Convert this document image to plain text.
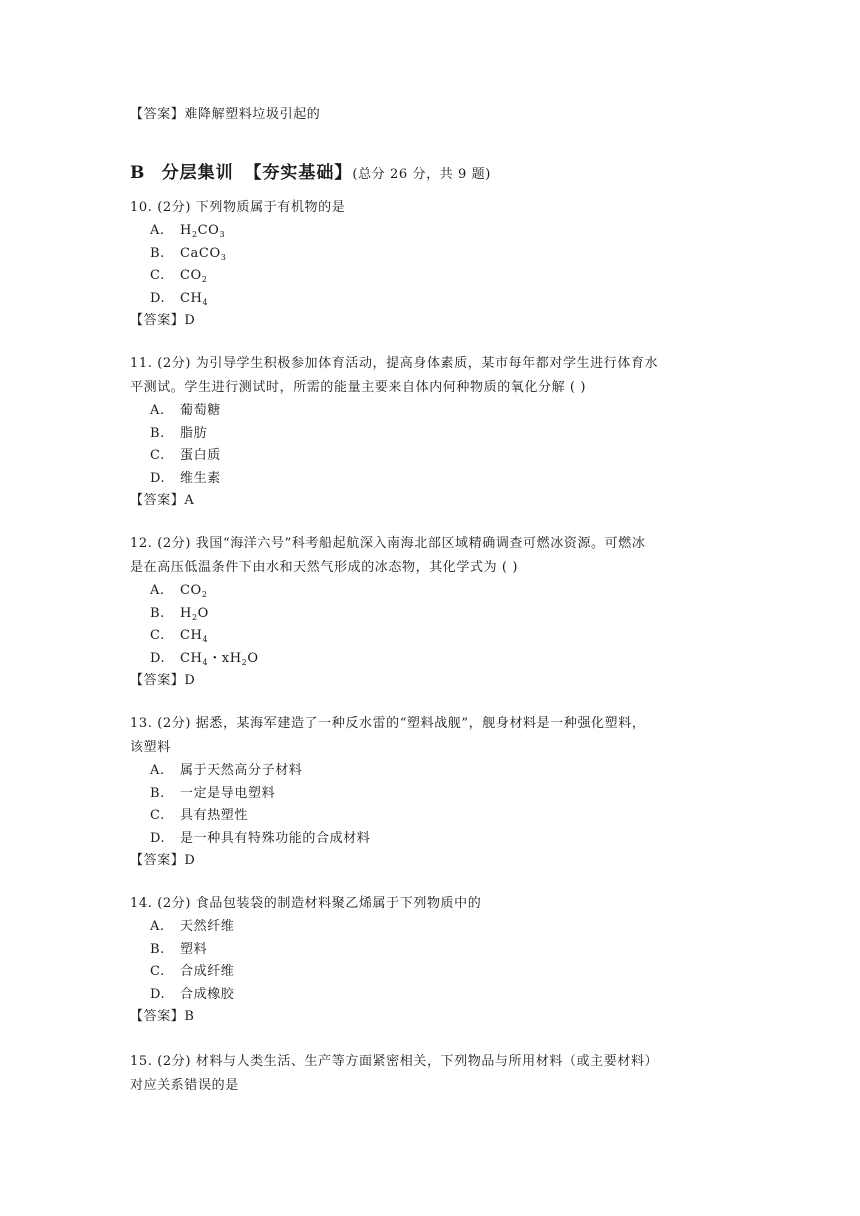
【答案】难降解塑料垃圾引起的
B 分层集训 【夯实基础】(总分 26 分，共 9 题)
10. (2分) 下列物质属于有机物的是
A. $H_2CO_3$
B. CaCO$_3$
C. $CO_2$
D. $CH_4$
【答案】D
11. (2分) 为引导学生积极参加体育活动，提高身体素质，某市每年都对学生进行体育水
平测试。学生进行测试时，所需的能量主要来自体内何种物质的氧化分解 ( )
A. 葡萄糖
B. 脂肪
C. 蛋白质
D. 维生素
【答案】A
12. (2分) 我国“海洋六号”科考船起航深入南海北部区域精确调查可燃冰资源。可燃冰
是在高压低温条件下由水和天然气形成的冰态物，其化学式为 ( )
A. $CO_2$
B. $H_2O$
C. $CH_4$
D. $CH_4$・$xH_2O$
【答案】D
13. (2分) 据悉，某海军建造了一种反水雷的“塑料战舰”，舰身材料是一种强化塑料，
该塑料
A. 属于天然高分子材料
B. 一定是导电塑料
C. 具有热塑性
D. 是一种具有特殊功能的合成材料
【答案】D
14. (2分) 食品包装袋的制造材料聚乙烯属于下列物质中的
A. 天然纤维
B. 塑料
C. 合成纤维
D. 合成橡胶
【答案】B
15. (2分) 材料与人类生活、生产等方面紧密相关，下列物品与所用材料（或主要材料）
对应关系错误的是
